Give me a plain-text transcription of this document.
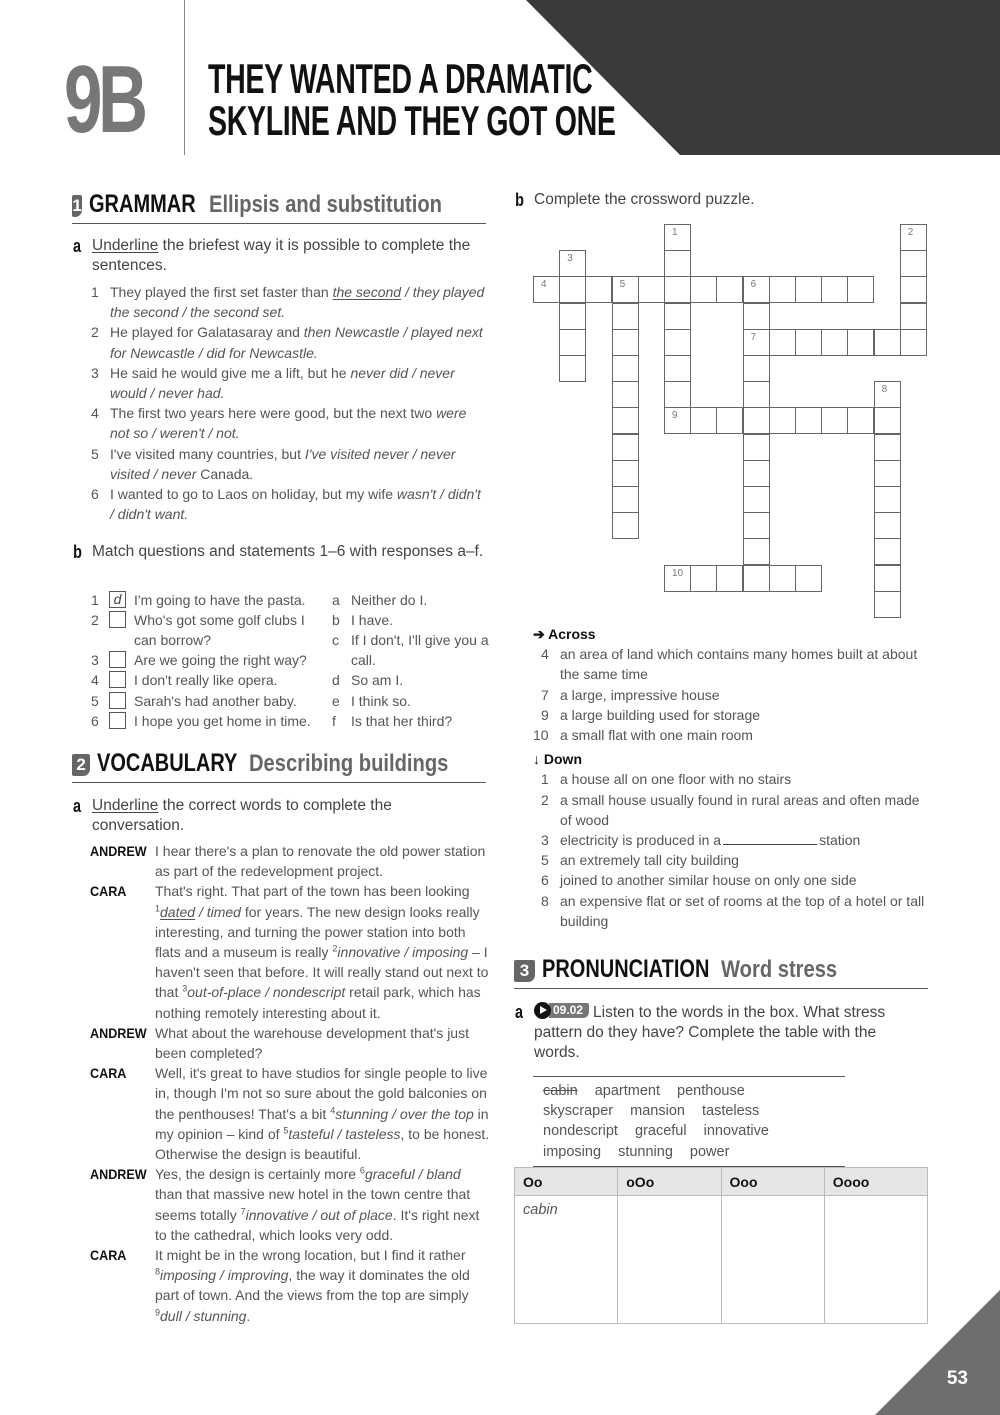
9B THEY WANTED A DRAMATIC
SKYLINE AND THEY GOT ONE
1 GRAMMAR Ellipsis and substitution
a Underline the briefest way it is possible to complete the sentences.
1 They played the first set faster than the second / they played the second / the second set.
2 He played for Galatasaray and then Newcastle / played next for Newcastle / did for Newcastle.
3 He said he would give me a lift, but he never did / never would / never had.
4 The first two years here were good, but the next two were not so / weren't / not.
5 I've visited many countries, but I've visited never / never visited / never Canada.
6 I wanted to go to Laos on holiday, but my wife wasn't / didn't / didn't want.
b Match questions and statements 1–6 with responses a–f.
1	d I'm going to have the pasta.
2	Who's got some golf clubs I can borrow?
3	Are we going the right way?
4	I don't really like opera.
5	Sarah's had another baby.
6	I hope you get home in time.
a Neither do I.
b I have.
c If I don't, I'll give you a call.
d So am I.
e I think so.
f Is that her third?
2 VOCABULARY Describing buildings
a Underline the correct words to complete the conversation.
ANDREW I hear there's a plan to renovate the old power station as part of the redevelopment project.
CARA That's right. That part of the town has been looking $^1$dated / timed for years. The new design looks really interesting, and turning the power station into both flats and a museum is really $^2$innovative / imposing – I haven't seen that before. It will really stand out next to that $^3$out-of-place / nondescript retail park, which has nothing remotely interesting about it.
ANDREW What about the warehouse development that's just been completed?
CARA Well, it's great to have studios for single people to live in, though I'm not so sure about the gold balconies on the penthouses! That's a bit $^4$stunning / over the top in my opinion – kind of $^5$tasteful / tasteless, to be honest. Otherwise the design is beautiful.
ANDREW Yes, the design is certainly more $^6$graceful / bland than that massive new hotel in the town centre that seems totally $^7$innovative / out of place. It's right next to the cathedral, which looks very odd.
CARA It might be in the wrong location, but I find it rather $^8$imposing / improving, the way it dominates the old part of town. And the views from the top are simply $^9$dull / stunning.
b Complete the crossword puzzle.
1
9
2
3
4	5	6
7
8
10
➔ Across
4 an area of land which contains many homes built at about the same time
7 a large, impressive house
9 a large building used for storage
10 a small flat with one main room
↓ Down
1 a house all on one floor with no stairs
2 a small house usually found in rural areas and often made of wood
3 electricity is produced in a	station
5 an extremely tall city building
6 joined to another similar house on only one side
8 an expensive flat or set of rooms at the top of a hotel or tall building
3 PRONUNCIATION Word stress
a	09.02 Listen to the words in the box. What stress pattern do they have? Complete the table with the words.
cabin apartment penthouse skyscraper mansion tasteless nondescript graceful innovative imposing stunning power
Oo	oOo	Ooo	Oooo
cabin			
53
